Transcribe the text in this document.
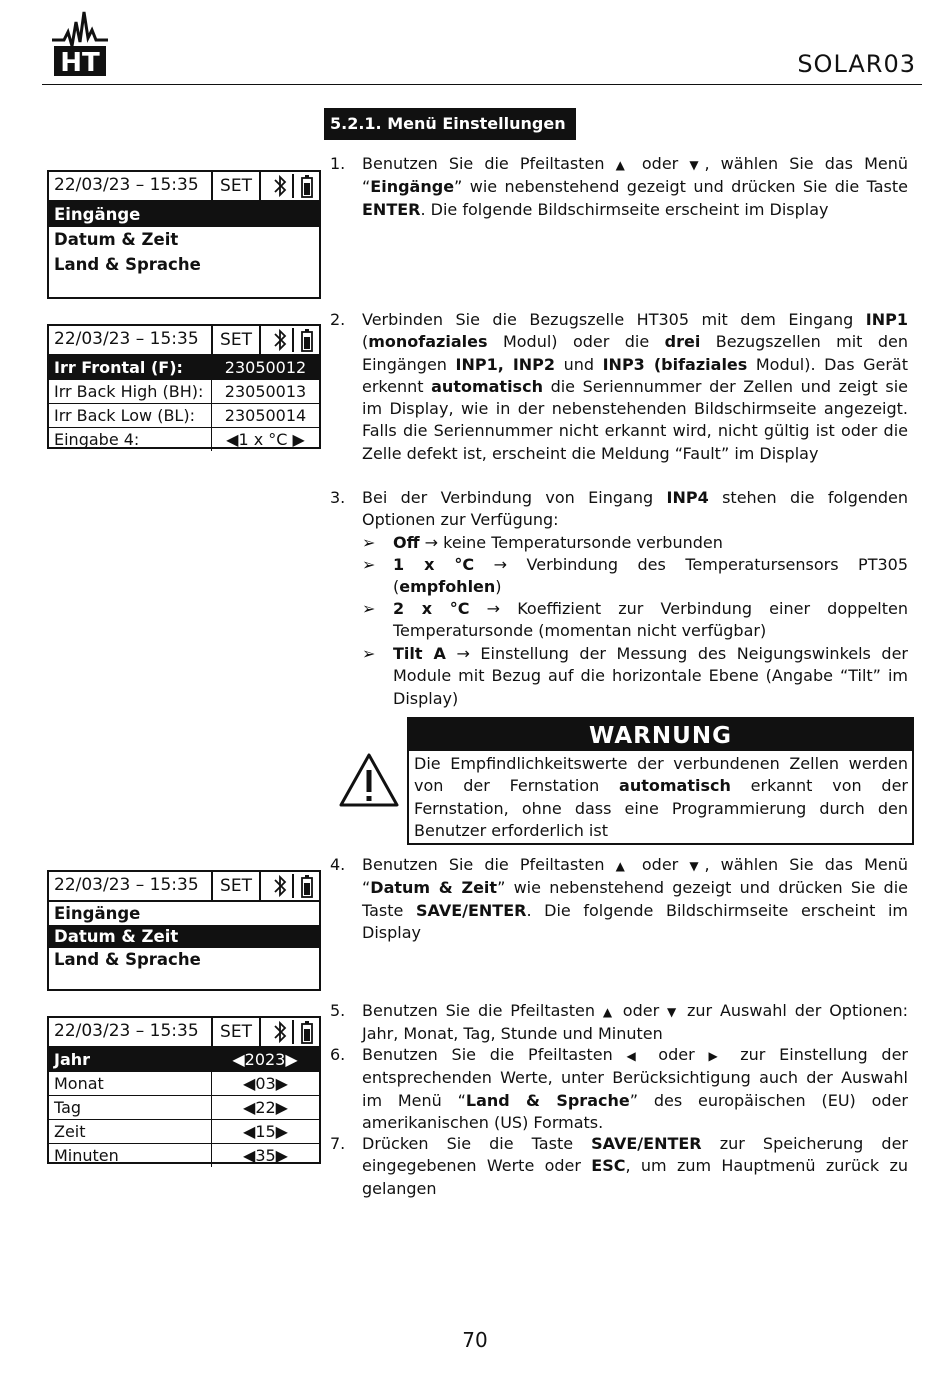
HT	SOLAR03
5.2.1. Menü Einstellungen
22/03/23 – 15:35	SET
Eingänge
Datum & Zeit
Land & Sprache
22/03/23 – 15:35	SET
Irr Frontal (F):	23050012
Irr Back High (BH):	23050013
Irr Back Low (BL):	23050014
Eingabe 4:	◀1 x °C ▶
22/03/23 – 15:35	SET
Eingänge
Datum & Zeit
Land & Sprache
22/03/23 – 15:35	SET
Jahr	◀2023▶
Monat	◀03▶
Tag	◀22▶
Zeit	◀15▶
Minuten	◀35▶
1.	Benutzen Sie die Pfeiltasten ▲ oder ▼, wählen Sie das Menü “Eingänge” wie nebenstehend gezeigt und drücken Sie die Taste ENTER. Die folgende Bildschirmseite erscheint im Display
2.	Verbinden Sie die Bezugszelle HT305 mit dem Eingang INP1 (monofaziales Modul) oder die drei Bezugszellen mit den Eingängen INP1, INP2 und INP3 (bifaziales Modul). Das Gerät erkennt automatisch die Seriennummer der Zellen und zeigt sie im Display, wie in der nebenstehenden Bildschirmseite angezeigt. Falls die Seriennummer nicht erkannt wird, nicht gültig ist oder die Zelle defekt ist, erscheint die Meldung “Fault” im Display
3.	Bei der Verbindung von Eingang INP4 stehen die folgenden Optionen zur Verfügung:
➢	Off → keine Temperatursonde verbunden
➢	1 x °C → Verbindung des Temperatursensors PT305 (empfohlen)
➢	2 x °C → Koeffizient zur Verbindung einer doppelten Temperatursonde (momentan nicht verfügbar)
➢	Tilt A → Einstellung der Messung des Neigungswinkels der Module mit Bezug auf die horizontale Ebene (Angabe “Tilt” im Display)
WARNUNG
Die Empfindlichkeitswerte der verbundenen Zellen werden von der Fernstation automatisch erkannt von der Fernstation, ohne dass eine Programmierung durch den Benutzer erforderlich ist
4.	Benutzen Sie die Pfeiltasten ▲ oder ▼, wählen Sie das Menü “Datum & Zeit” wie nebenstehend gezeigt und drücken Sie die Taste SAVE/ENTER. Die folgende Bildschirmseite erscheint im Display
5.	Benutzen Sie die Pfeiltasten ▲ oder ▼ zur Auswahl der Optionen: Jahr, Monat, Tag, Stunde und Minuten
6.	Benutzen Sie die Pfeiltasten ◀ oder ▶ zur Einstellung der entsprechenden Werte, unter Berücksichtigung auch der Auswahl im Menü “Land & Sprache” des europäischen (EU) oder amerikanischen (US) Formats.
7.	Drücken Sie die Taste SAVE/ENTER zur Speicherung der eingegebenen Werte oder ESC, um zum Hauptmenü zurück zu gelangen
70
